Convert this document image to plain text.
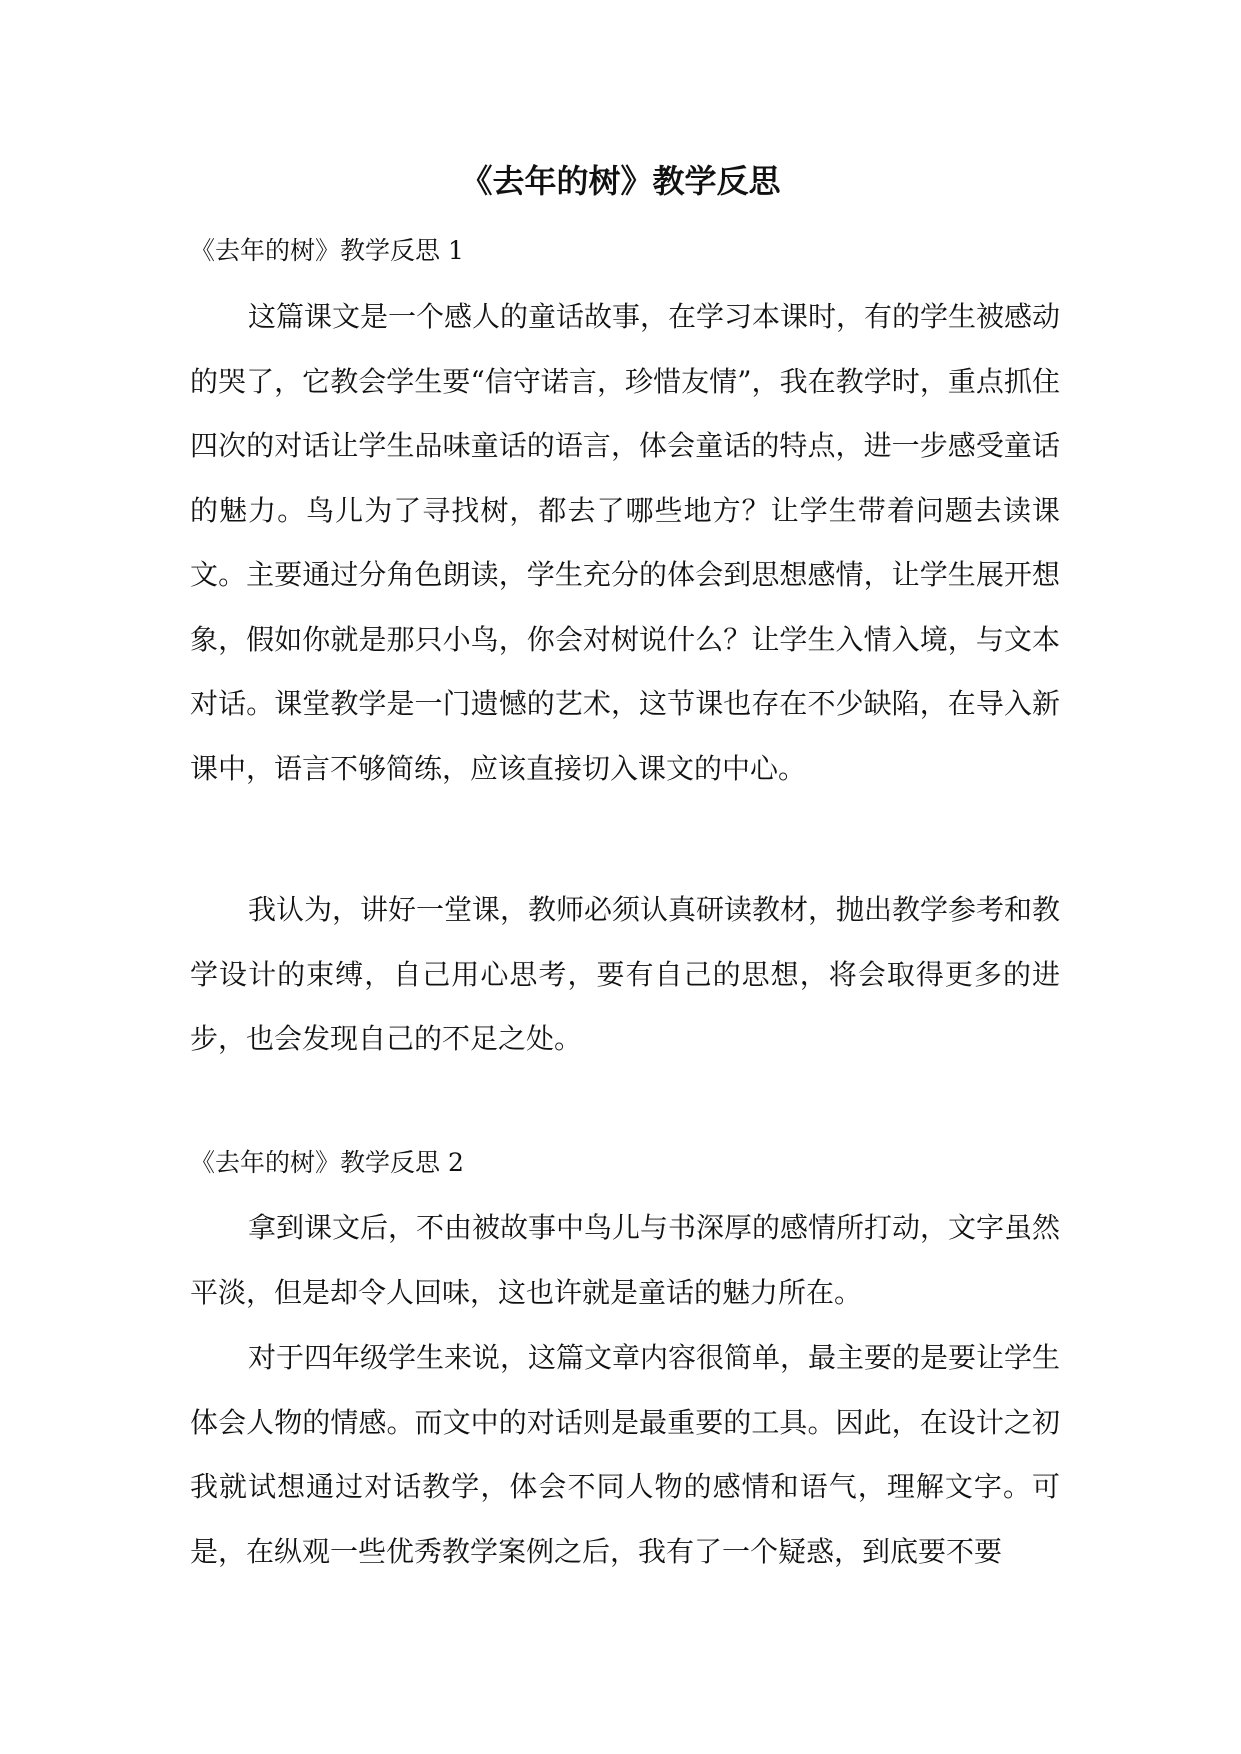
《去年的树》教学反思
《去年的树》教学反思 1

这篇课文是一个感人的童话故事，在学习本课时，有的学生被感动的哭了，它教会学生要“信守诺言，珍惜友情”，我在教学时，重点抓住四次的对话让学生品味童话的语言，体会童话的特点，进一步感受童话的魅力。鸟儿为了寻找树，都去了哪些地方？让学生带着问题去读课文。主要通过分角色朗读，学生充分的体会到思想感情，让学生展开想象，假如你就是那只小鸟，你会对树说什么？让学生入情入境，与文本对话。课堂教学是一门遗憾的艺术，这节课也存在不少缺陷，在导入新课中，语言不够简练，应该直接切入课文的中心。

我认为，讲好一堂课，教师必须认真研读教材，抛出教学参考和教学设计的束缚，自己用心思考，要有自己的思想，将会取得更多的进步，也会发现自己的不足之处。

《去年的树》教学反思 2

拿到课文后，不由被故事中鸟儿与书深厚的感情所打动，文字虽然平淡，但是却令人回味，这也许就是童话的魅力所在。

对于四年级学生来说，这篇文章内容很简单，最主要的是要让学生体会人物的情感。而文中的对话则是最重要的工具。因此，在设计之初我就试想通过对话教学，体会不同人物的感情和语气，理解文字。可是，在纵观一些优秀教学案例之后，我有了一个疑惑，到底要不要
